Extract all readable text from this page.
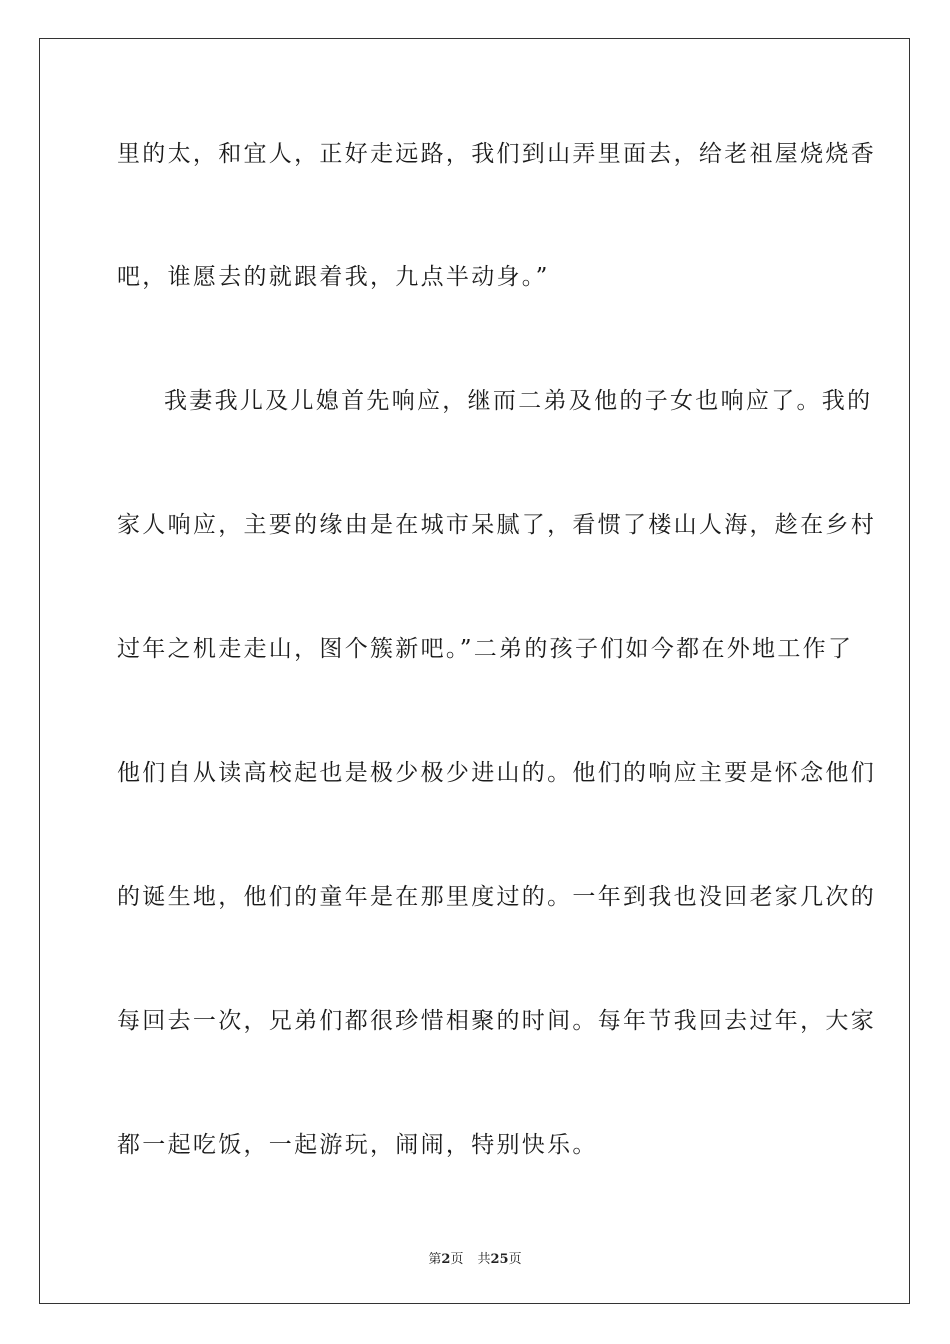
里的太，和宜人，正好走远路，我们到山弄里面去，给老祖屋烧烧香
吧，谁愿去的就跟着我，九点半动身。”
我妻我儿及儿媳首先响应，继而二弟及他的子女也响应了。我的
家人响应，主要的缘由是在城市呆腻了，看惯了楼山人海，趁在乡村
过年之机走走山，图个簇新吧。”二弟的孩子们如今都在外地工作了
他们自从读高校起也是极少极少进山的。他们的响应主要是怀念他们
的诞生地，他们的童年是在那里度过的。一年到我也没回老家几次的
每回去一次，兄弟们都很珍惜相聚的时间。每年节我回去过年，大家
都一起吃饭，一起游玩，闹闹，特别快乐。
第2页 共25页
